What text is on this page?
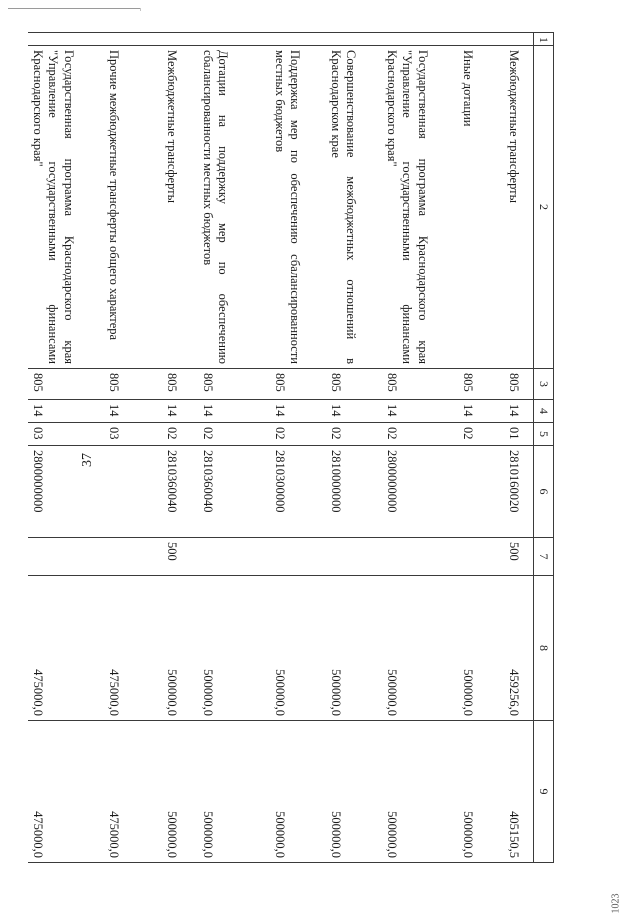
37
1	2	3	4	5	6	7	8	9
	Межбюджетные трансферты	805	14	01	2810160020	500	459256,0	405150,5
	Иные дотации	805	14	02			500000,0	500000,0
	Государственная программа Краснодарского края "Управление государственными финансами Краснодарского края"	805	14	02	2800000000		500000,0	500000,0
	Совершенствование межбюджетных отношений в Краснодарском крае	805	14	02	2810000000		500000,0	500000,0
	Поддержка мер по обеспечению сбалансированности местных бюджетов	805	14	02	2810300000		500000,0	500000,0
	Дотации на поддержку мер по обеспечению сбалансированности местных бюджетов	805	14	02	2810360040		500000,0	500000,0
	Межбюджетные трансферты	805	14	02	2810360040	500	500000,0	500000,0
	Прочие межбюджетные трансферты общего характера	805	14	03			475000,0	475000,0
	Государственная программа Краснодарского края "Управление государственными финансами Краснодарского края"	805	14	03	2800000000		475000,0	475000,0
1023
